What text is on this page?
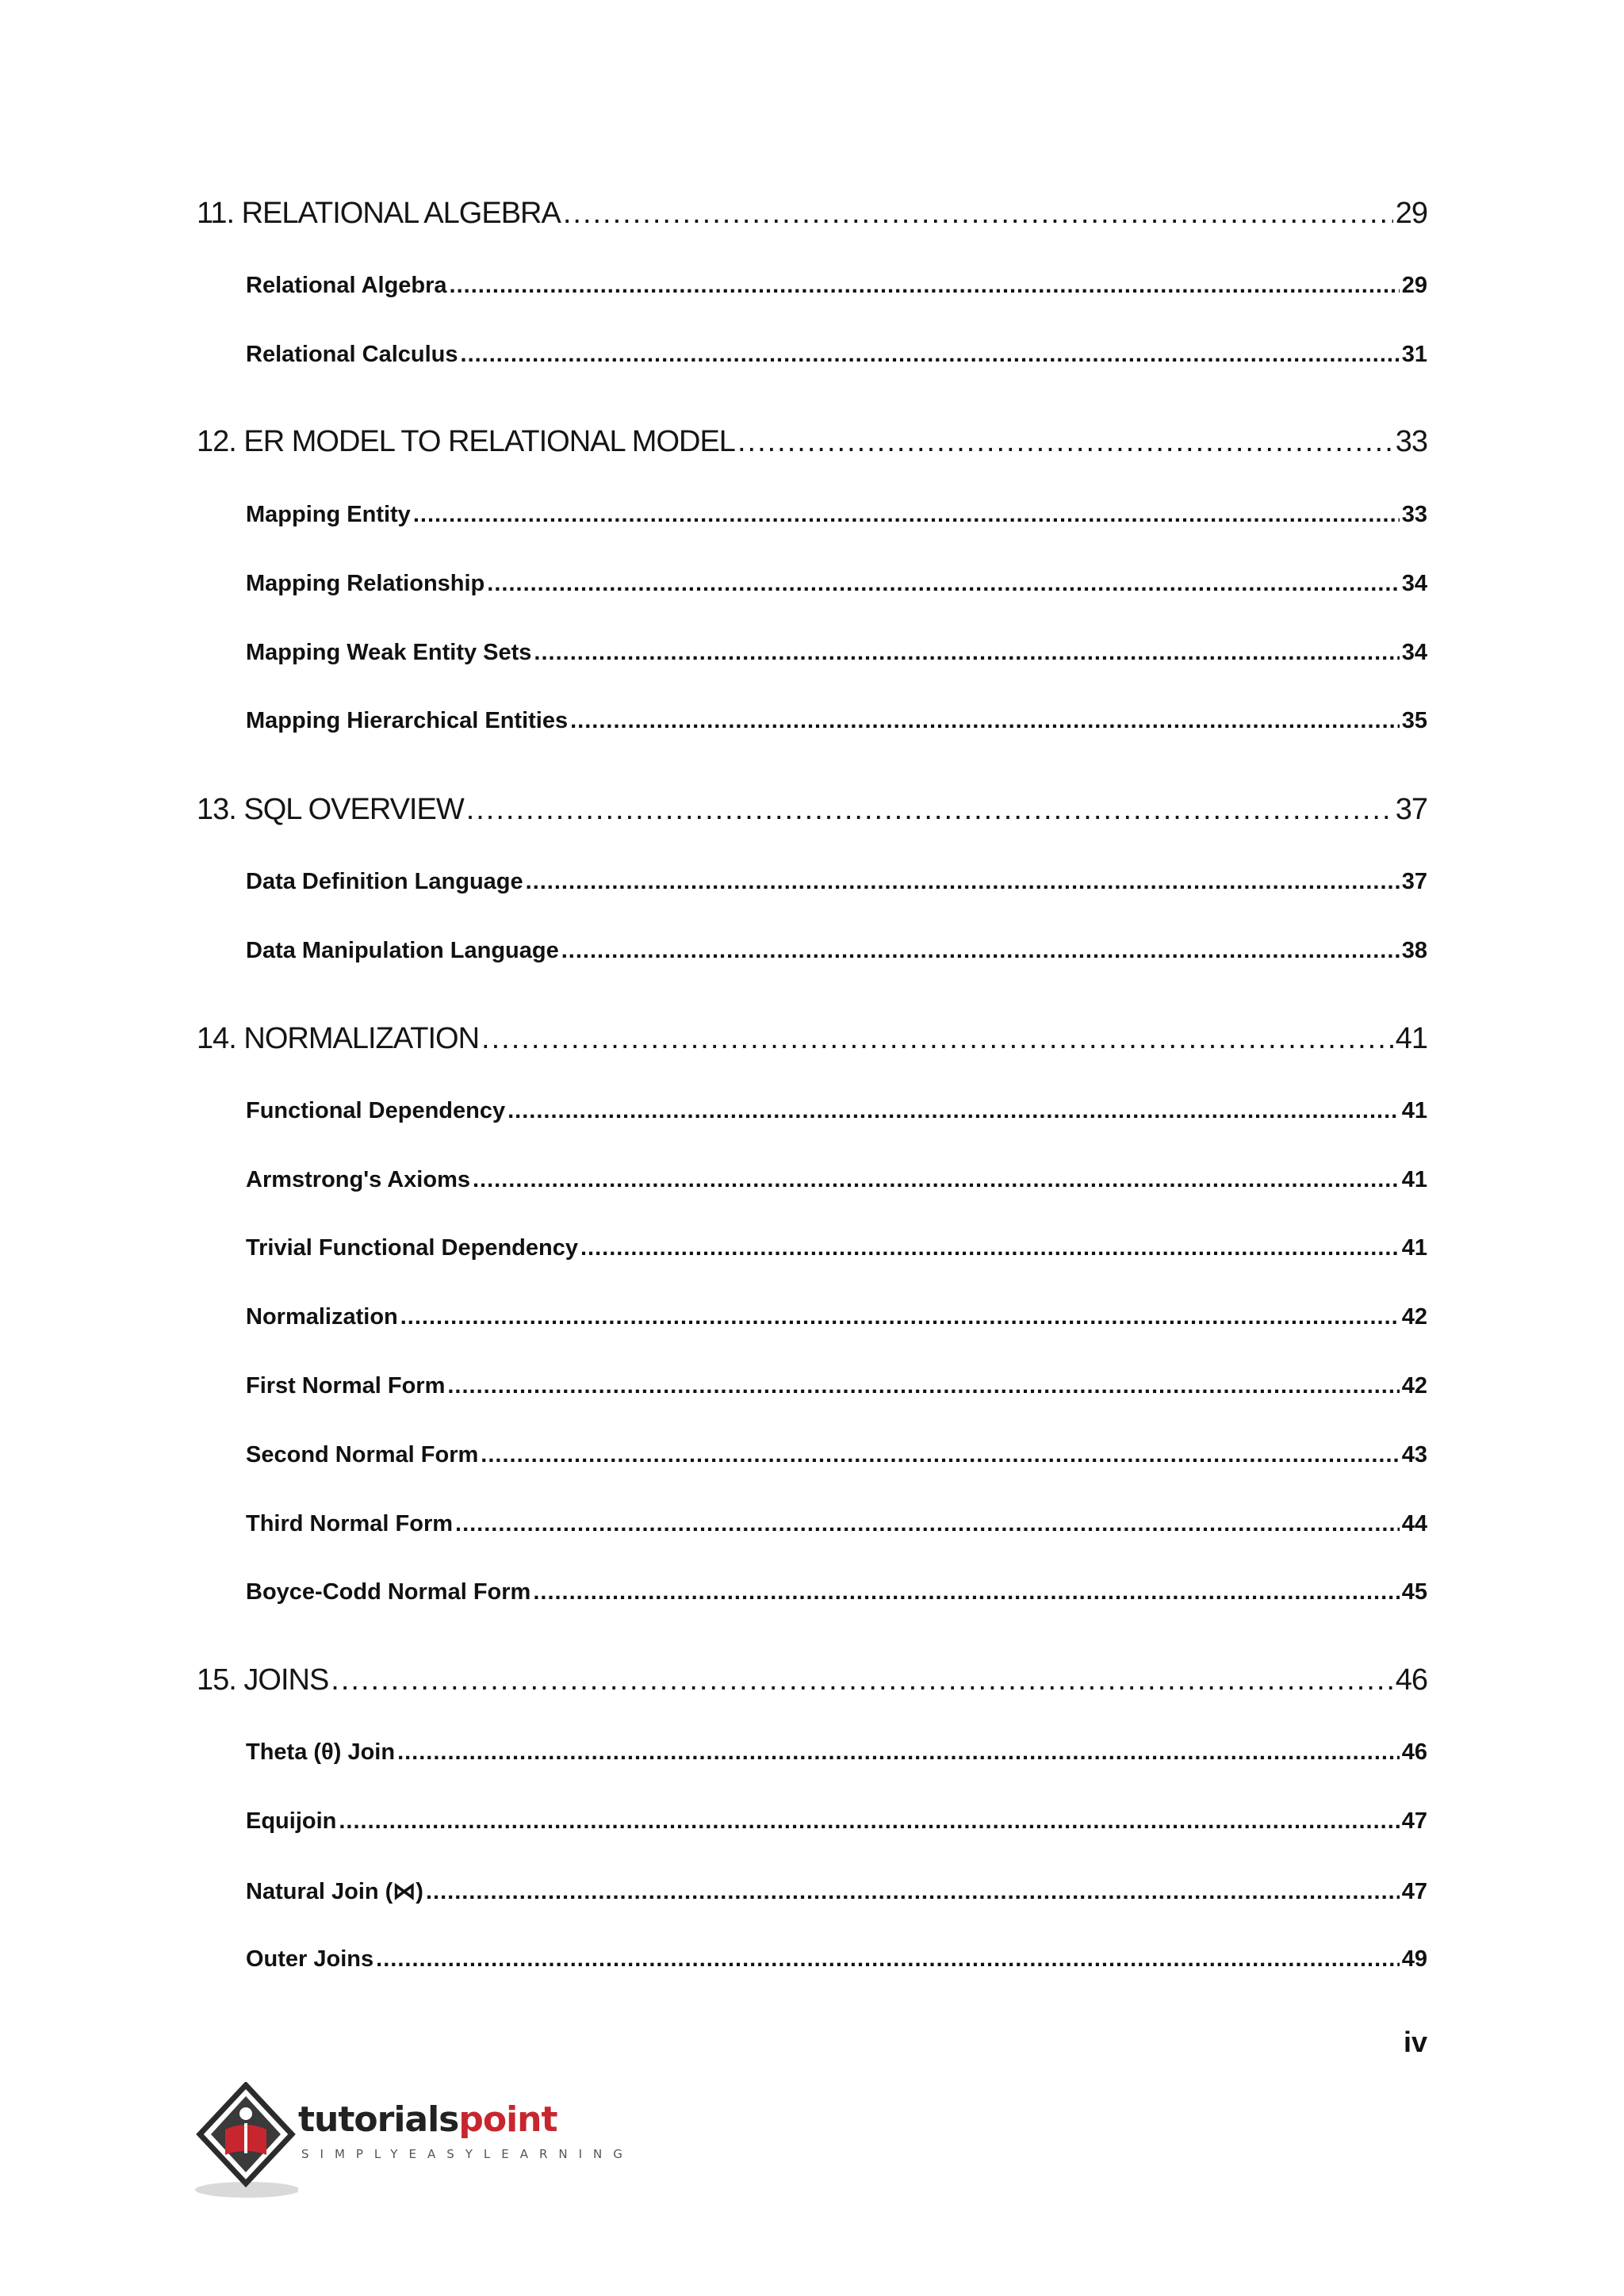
11. RELATIONAL ALGEBRA .....	29
Relational Algebra .....	29
Relational Calculus .....	31
12. ER MODEL TO RELATIONAL MODEL .....	33
Mapping Entity .....	33
Mapping Relationship .....	34
Mapping Weak Entity Sets .....	34
Mapping Hierarchical Entities .....	35
13. SQL OVERVIEW .....	37
Data Definition Language .....	37
Data Manipulation Language .....	38
14. NORMALIZATION .....	41
Functional Dependency .....	41
Armstrong's Axioms .....	41
Trivial Functional Dependency .....	41
Normalization .....	42
First Normal Form .....	42
Second Normal Form .....	43
Third Normal Form .....	44
Boyce-Codd Normal Form .....	45
15. JOINS .....	46
Theta (θ) Join .....	46
Equijoin .....	47
Natural Join (⋈) .....	47
Outer Joins .....	49
iv
tutorialspoint
SIMPLYEASYLEARNING
